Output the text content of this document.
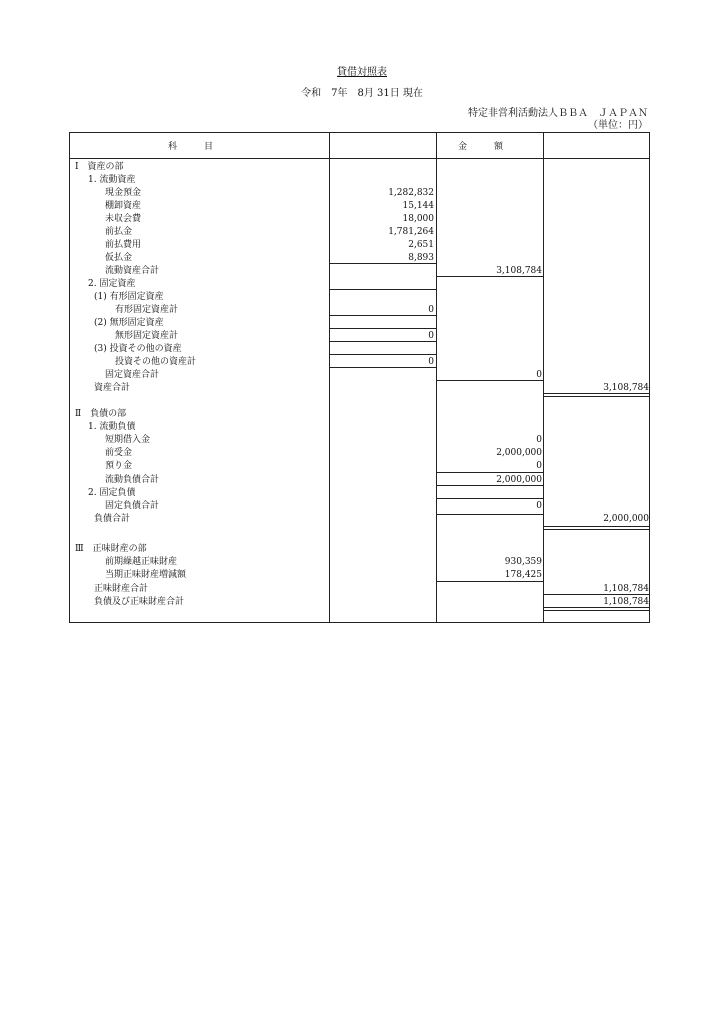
貸借対照表
令和　7年　8月 31日 現在
特定非営利活動法人ＢＢＡ　ＪＡＰＡＮ
（単位：円）
科　　　目	金　　　額
Ⅰ　資産の部
1. 流動資産
現金預金	1,282,832
棚卸資産	15,144
未収会費	18,000
前払金	1,781,264
前払費用	2,651
仮払金	8,893
流動資産合計	3,108,784
2. 固定資産
(1) 有形固定資産
有形固定資産計	0
(2) 無形固定資産
無形固定資産計	0
(3) 投資その他の資産
投資その他の資産計	0
固定資産合計	0
資産合計	3,108,784
Ⅱ　負債の部
1. 流動負債
短期借入金	0
前受金	2,000,000
預り金	0
流動負債合計	2,000,000
2. 固定負債
固定負債合計	0
負債合計	2,000,000
Ⅲ　正味財産の部
前期繰越正味財産	930,359
当期正味財産増減額	178,425
正味財産合計	1,108,784
負債及び正味財産合計	1,108,784
